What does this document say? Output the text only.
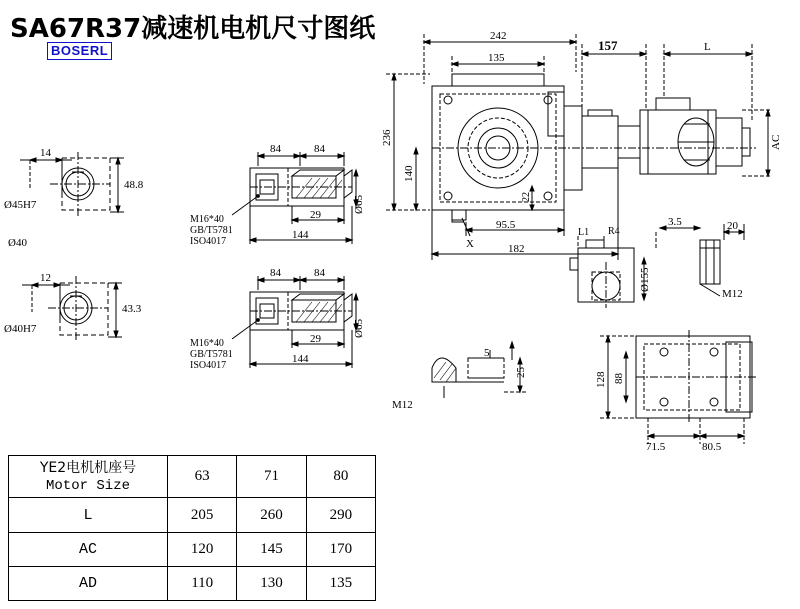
SA67R37减速机电机尺寸图纸
BOSERL
14
Ø45H7
48.8
Ø40
12
Ø40H7
43.3
84	84
29
144
Ø65
M16*40
GB/T5781
ISO4017
84	84
29
144
Ø65
M16*40
GB/T5781
ISO4017
242
135
157	L
AC
236
140
22
95.5
182
X
L1 R4
3.5	20
Ø155
M12
5
25
M12
128 88
71.5	80.5
YE2电机机座号
Motor Size	63	71	80
L	205	260	290
AC	120	145	170
AD	110	130	135
